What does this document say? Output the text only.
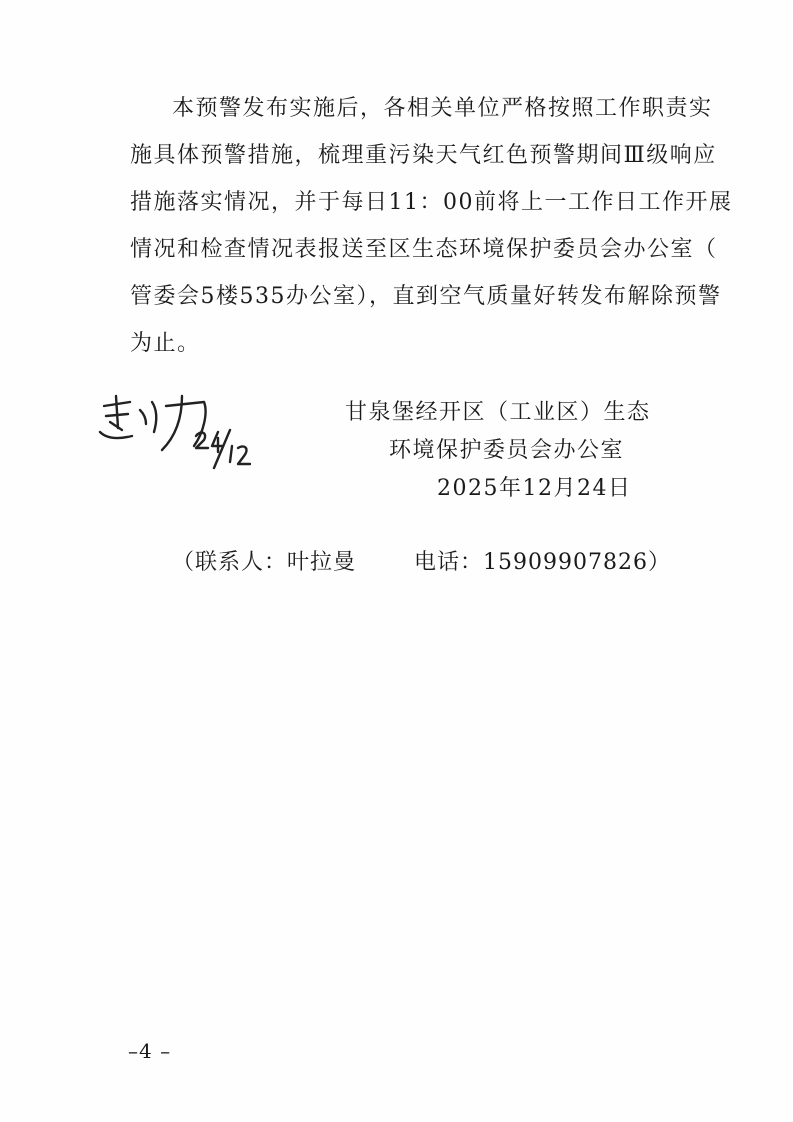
本预警发布实施后，各相关单位严格按照工作职责实
施具体预警措施，梳理重污染天气红色预警期间Ⅲ级响应
措施落实情况，并于每日11：00前将上一工作日工作开展
情况和检查情况表报送至区生态环境保护委员会办公室（
管委会5楼535办公室），直到空气质量好转发布解除预警
为止。
甘泉堡经开区（工业区）生态
环境保护委员会办公室
2025年12月24日
（联系人：叶拉曼	电话：15909907826）
–4 –
